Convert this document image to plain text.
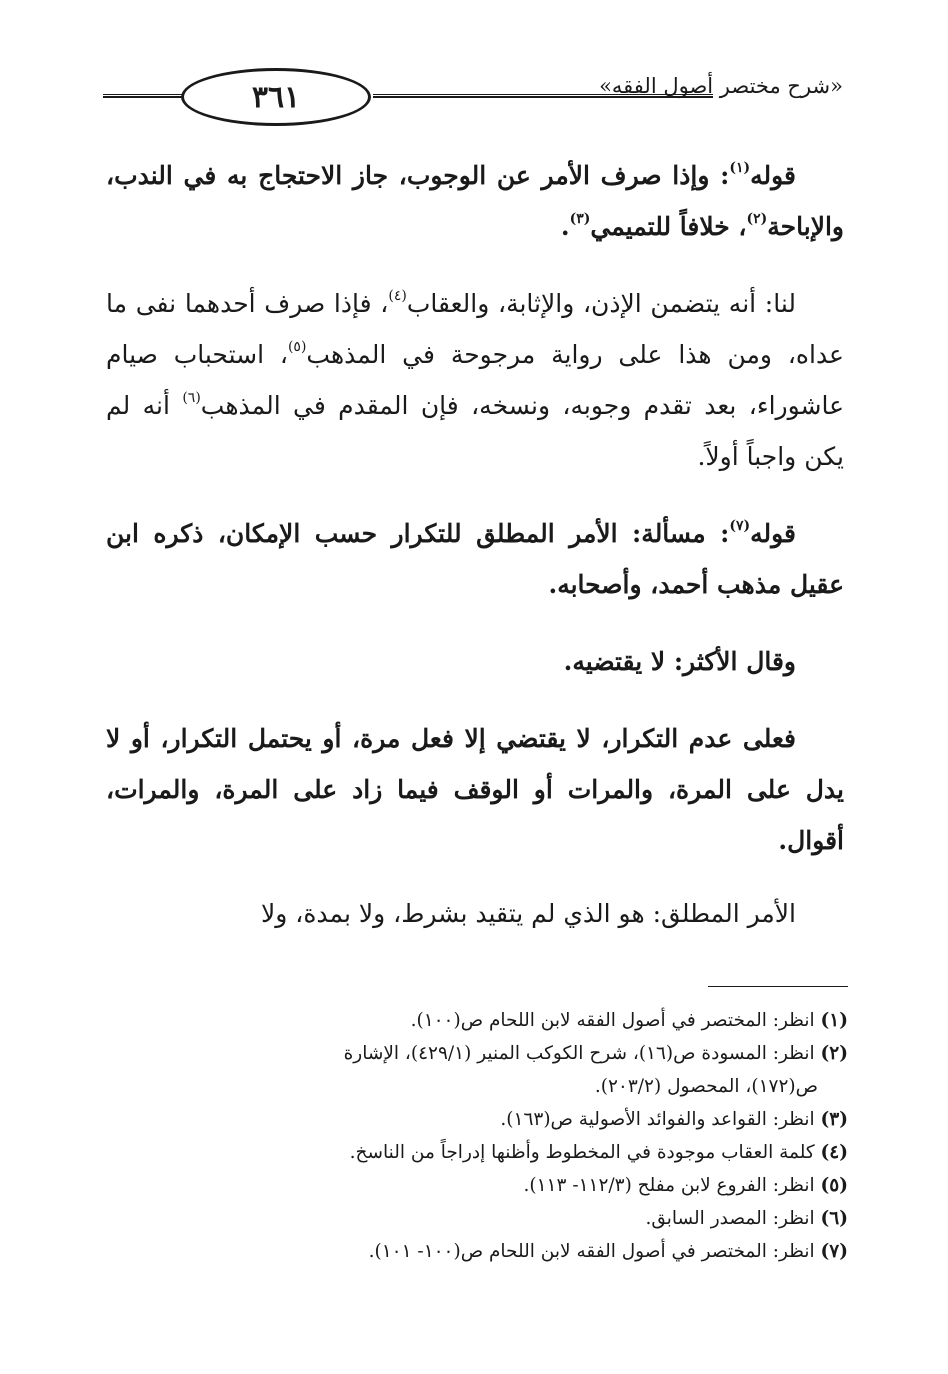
٣٦١	«شرح مختصر أصول الفقه»

قوله$^{(١)}$: وإذا صرف الأمر عن الوجوب، جاز الاحتجاج به في الندب، والإباحة$^{(٢)}$، خلافاً للتميمي$^{(٣)}$.

لنا: أنه يتضمن الإذن، والإثابة، والعقاب$^{(٤)}$، فإذا صرف أحدهما نفى ما عداه، ومن هذا على رواية مرجوحة في المذهب$^{(٥)}$، استحباب صيام عاشوراء، بعد تقدم وجوبه، ونسخه، فإن المقدم في المذهب$^{(٦)}$ أنه لم يكن واجباً أولاً.

قوله$^{(٧)}$: مسألة: الأمر المطلق للتكرار حسب الإمكان، ذكره ابن عقيل مذهب أحمد، وأصحابه.

وقال الأكثر: لا يقتضيه.

فعلى عدم التكرار، لا يقتضي إلا فعل مرة، أو يحتمل التكرار، أو لا يدل على المرة، والمرات أو الوقف فيما زاد على المرة، والمرات، أقوال.

الأمر المطلق: هو الذي لم يتقيد بشرط، ولا بمدة، ولا

(١) انظر: المختصر في أصول الفقه لابن اللحام ص(١٠٠).

(٢) انظر: المسودة ص(١٦)، شرح الكوكب المنير (٤٢٩/١)، الإشارة

ص(١٧٢)، المحصول (٢٠٣/٢).

(٣) انظر: القواعد والفوائد الأصولية ص(١٦٣).

(٤) كلمة العقاب موجودة في المخطوط وأظنها إدراجاً من الناسخ.

(٥) انظر: الفروع لابن مفلح (١١٢/٣- ١١٣).

(٦) انظر: المصدر السابق.

(٧) انظر: المختصر في أصول الفقه لابن اللحام ص(١٠٠- ١٠١).
